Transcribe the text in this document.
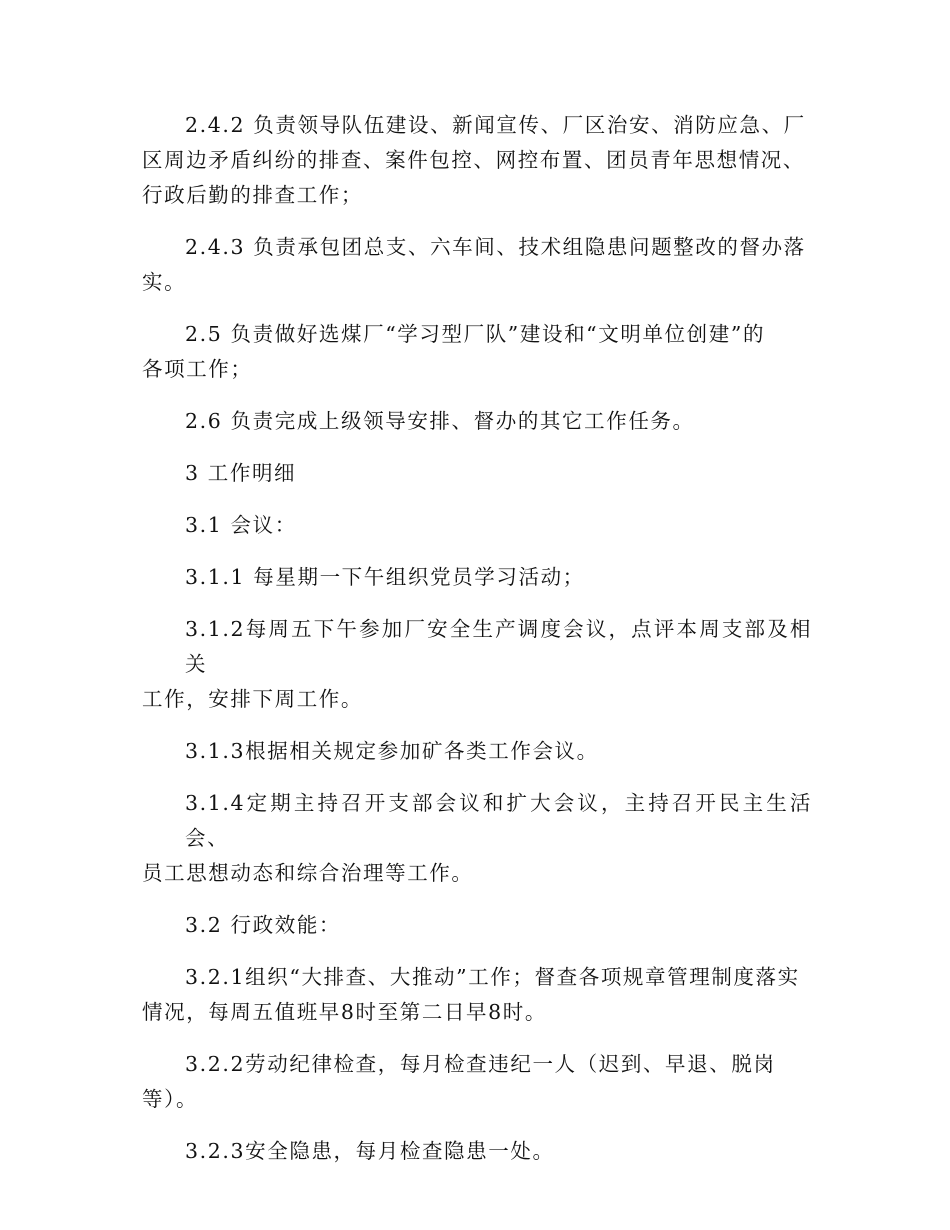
2.4.2 负责领导队伍建设、新闻宣传、厂区治安、消防应急、厂
区周边矛盾纠纷的排查、案件包控、网控布置、团员青年思想情况、
行政后勤的排查工作；
2.4.3 负责承包团总支、六车间、技术组隐患问题整改的督办落
实。
2.5 负责做好选煤厂“学习型厂队”建设和“文明单位创建”的
各项工作；
2.6 负责完成上级领导安排、督办的其它工作任务。
3 工作明细
3.1 会议：
3.1.1 每星期一下午组织党员学习活动；
3.1.2每周五下午参加厂安全生产调度会议，点评本周支部及相关
工作，安排下周工作。
3.1.3根据相关规定参加矿各类工作会议。
3.1.4定期主持召开支部会议和扩大会议，主持召开民主生活会、
员工思想动态和综合治理等工作。
3.2 行政效能：
3.2.1组织“大排查、大推动”工作；督查各项规章管理制度落实
情况，每周五值班早8时至第二日早8时。
3.2.2劳动纪律检查，每月检查违纪一人（迟到、早退、脱岗
等）。
3.2.3安全隐患，每月检查隐患一处。
